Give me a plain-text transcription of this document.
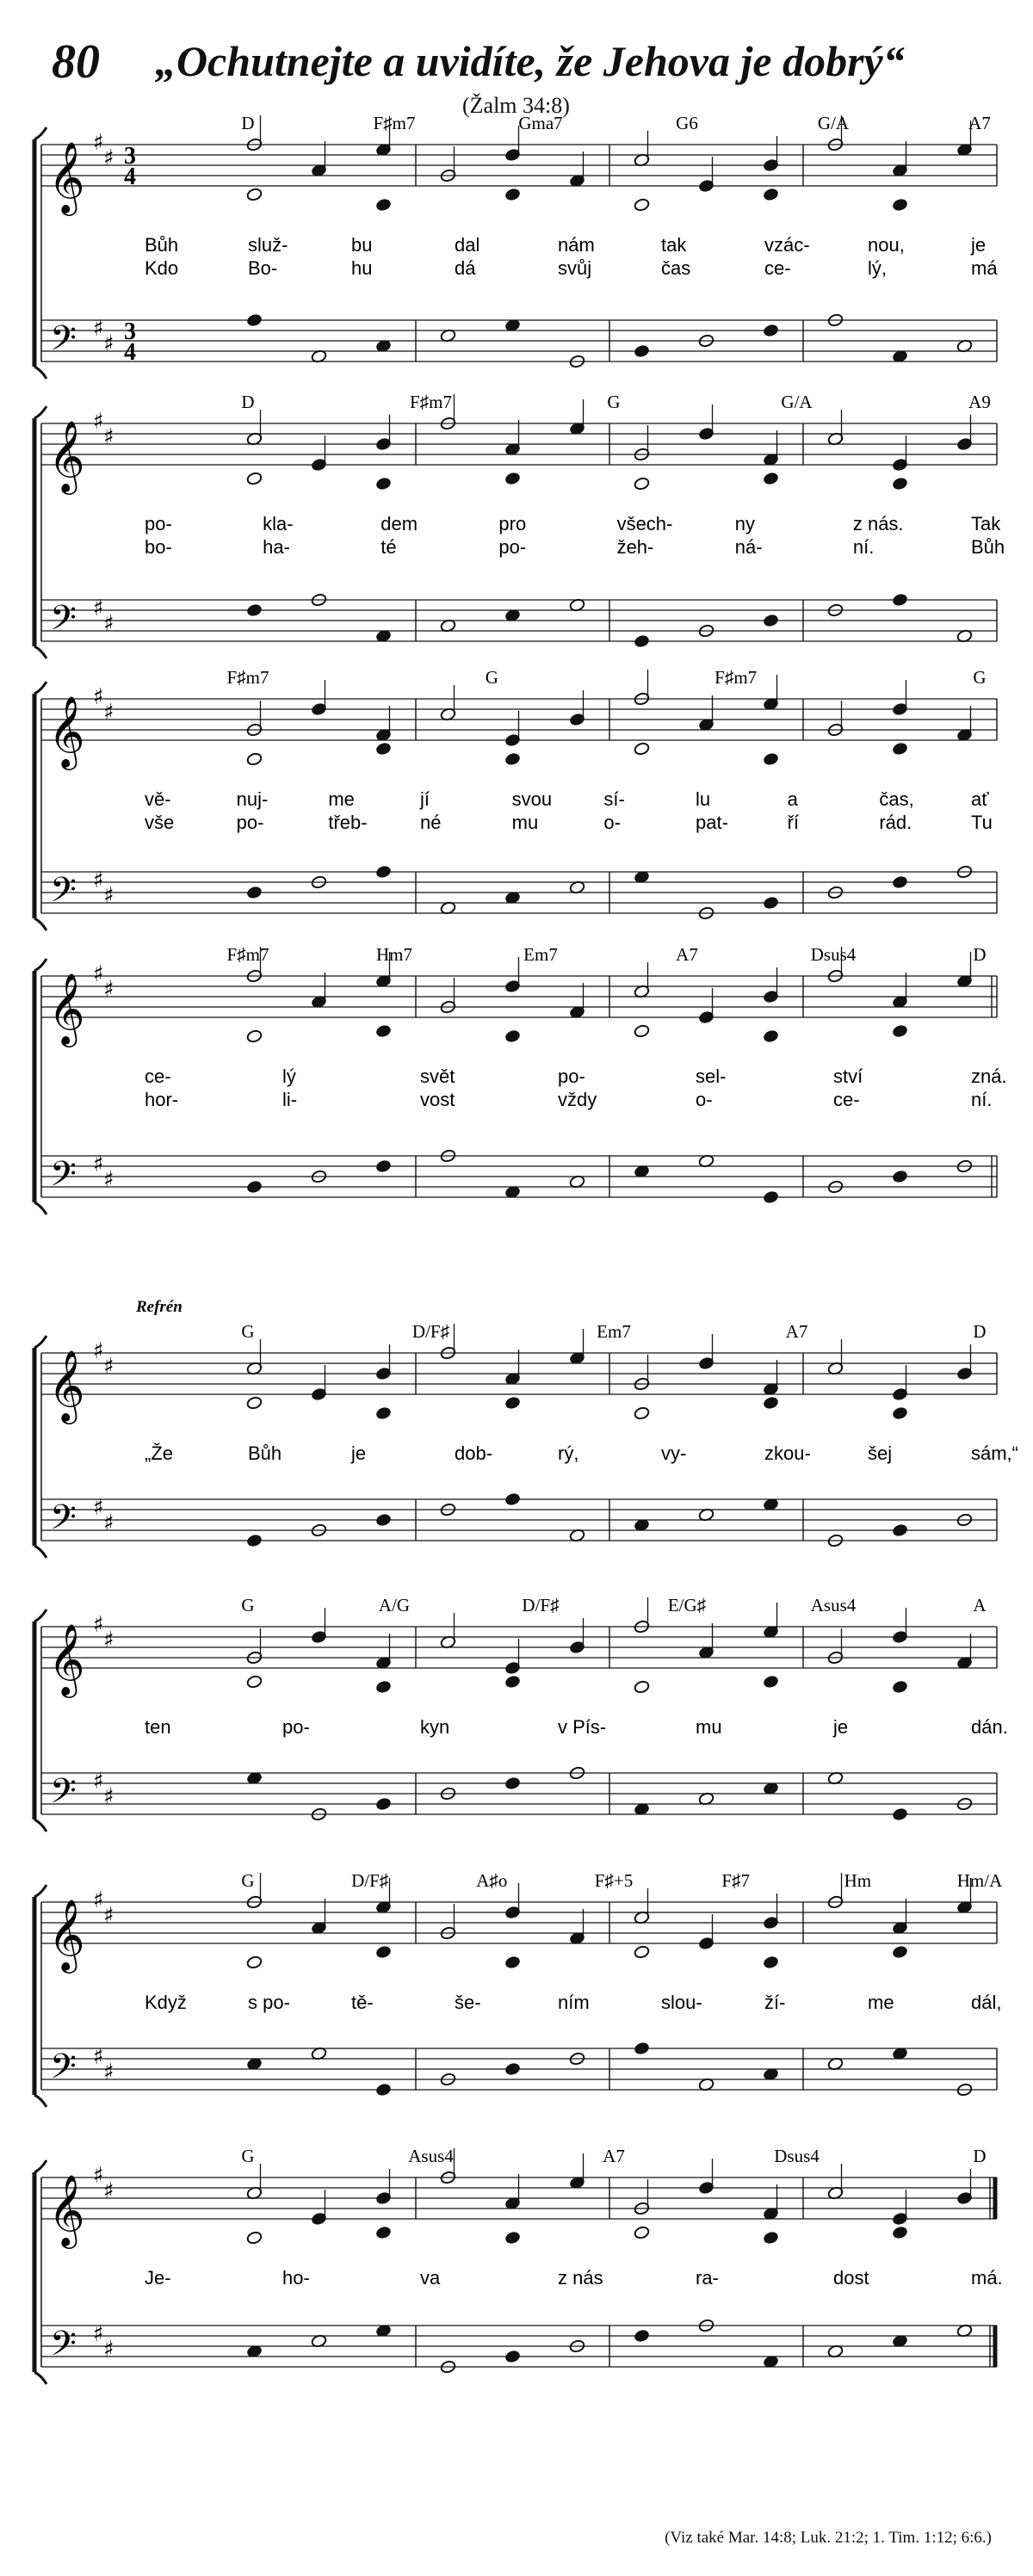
80 „Ochutnejte a uvidíte, že Jehova je dobrý“
(Žalm 34:8)
𝄞
𝄢
♯
♯
♯
♯
3
4
3
4
D	F♯m7	Gma7	G6	G/A	A7
Bůh	služ-	bu	dal	nám	tak	vzác-	nou,	je
Kdo	Bo-	hu	dá	svůj	čas	ce-	lý,	má
𝄞
𝄢
♯
♯
♯
♯
D	F♯m7	G	G/A	A9
po-	kla-	dem	pro	všech-	ny	z nás.	Tak
bo-	ha-	té	po-	žeh-	ná-	ní.	Bůh
𝄞
𝄢
♯
♯
♯
♯
F♯m7	G	F♯m7	G
vě-	nuj-	me	jí	svou	sí-	lu	a	čas,	ať
vše	po-	třeb-	né	mu	o-	pat-	ří	rád.	Tu
𝄞
𝄢
♯
♯
♯
♯
F♯m7	Hm7	Em7	A7	Dsus4	D
ce-	lý	svět	po-	sel-	ství	zná.
hor-	li-	vost	vždy	o-	ce-	ní.
𝄞
𝄢
♯
♯
♯
♯
G	D/F♯	Em7	A7	D
Refrén
„Že	Bůh	je	dob-	rý,	vy-	zkou-	šej	sám,“
𝄞
𝄢
♯
♯
♯
♯
G	A/G	D/F♯	E/G♯	Asus4	A
ten	po-	kyn	v Pís-	mu	je	dán.
𝄞
𝄢
♯
♯
♯
♯
G	D/F♯	A♯o	F♯+5	F♯7	Hm	Hm/A
Když	s po-	tě-	še-	ním	slou-	ží-	me	dál,
𝄞
𝄢
♯
♯
♯
♯
G	Asus4	A7	Dsus4	D
Je-	ho-	va	z nás	ra-	dost	má.
(Viz také Mar. 14:8; Luk. 21:2; 1. Tim. 1:12; 6:6.)
